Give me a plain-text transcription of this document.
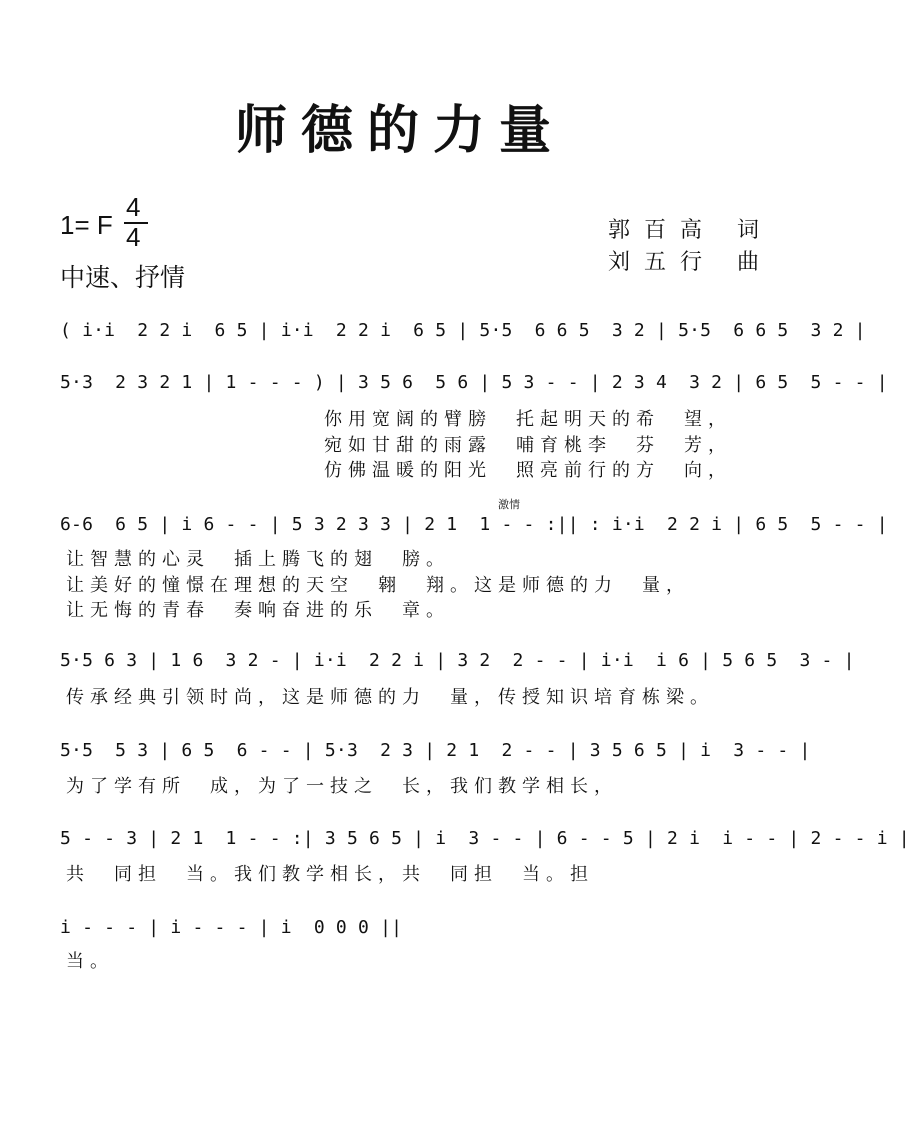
师德的力量
1= F
4
4
中速、抒情
郭百高 词
刘五行 曲
激情
( i·i  2 2 i  6 5 | i·i  2 2 i  6 5 | 5·5  6 6 5  3 2 | 5·5  6 6 5  3 2 |
5·3  2 3 2 1 | 1 - - - ) | 3 5 6  5 6 | 5 3 - - | 2 3 4  3 2 | 6 5  5 - - |
你用宽阔的臂膀　托起明天的希　望，
宛如甘甜的雨露　哺育桃李　芬　芳，
仿佛温暖的阳光　照亮前行的方　向，
6-6  6 5 | i 6 - - | 5 3 2 3 3 | 2 1  1 - - :|| : i·i  2 2 i | 6 5  5 - - |
让智慧的心灵　插上腾飞的翅　膀。
让美好的憧憬在理想的天空　翱　翔。这是师德的力　量，
让无悔的青春　奏响奋进的乐　章。
5·5 6 3 | 1 6  3 2 - | i·i  2 2 i | 3 2  2 - - | i·i  i 6 | 5 6 5  3 - |
传承经典引领时尚，这是师德的力　量，传授知识培育栋梁。
5·5  5 3 | 6 5  6 - - | 5·3  2 3 | 2 1  2 - - | 3 5 6 5 | i  3 - - |
为了学有所　成，为了一技之　长，我们教学相长，
5 - - 3 | 2 1  1 - - :| 3 5 6 5 | i  3 - - | 6 - - 5 | 2 i  i - - | 2 - - i |
共　同担　当。我们教学相长，共　同担　当。担
i - - - | i - - - | i  0 0 0 ||
当。
